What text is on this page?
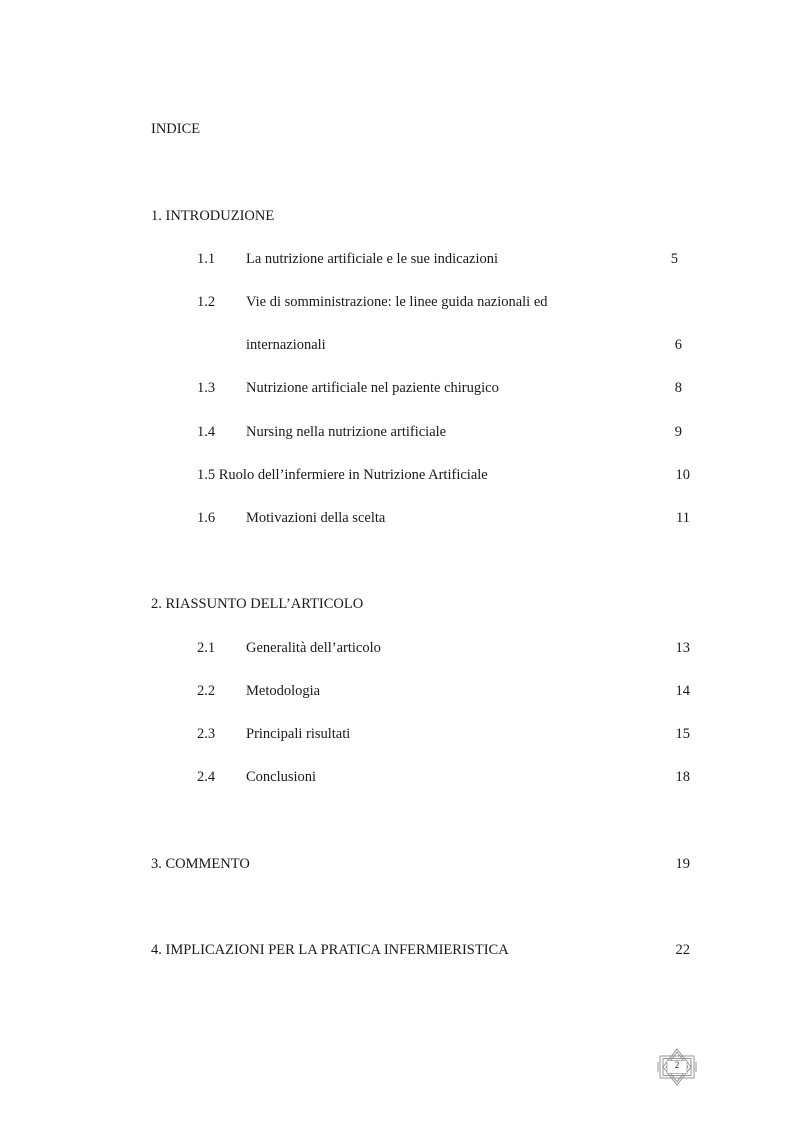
INDICE
1. INTRODUZIONE
1.1 La nutrizione artificiale e le sue indicazioni	5
1.2 Vie di somministrazione: le linee guida nazionali ed
internazionali	6
1.3 Nutrizione artificiale nel paziente chirugico	8
1.4 Nursing nella nutrizione artificiale	9
1.5 Ruolo dell’infermiere in Nutrizione Artificiale	10
1.6 Motivazioni della scelta	11
2. RIASSUNTO DELL’ARTICOLO
2.1 Generalità dell’articolo	13
2.2 Metodologia	14
2.3 Principali risultati	15
2.4 Conclusioni	18
3. COMMENTO	19
4. IMPLICAZIONI PER LA PRATICA INFERMIERISTICA	22
2
